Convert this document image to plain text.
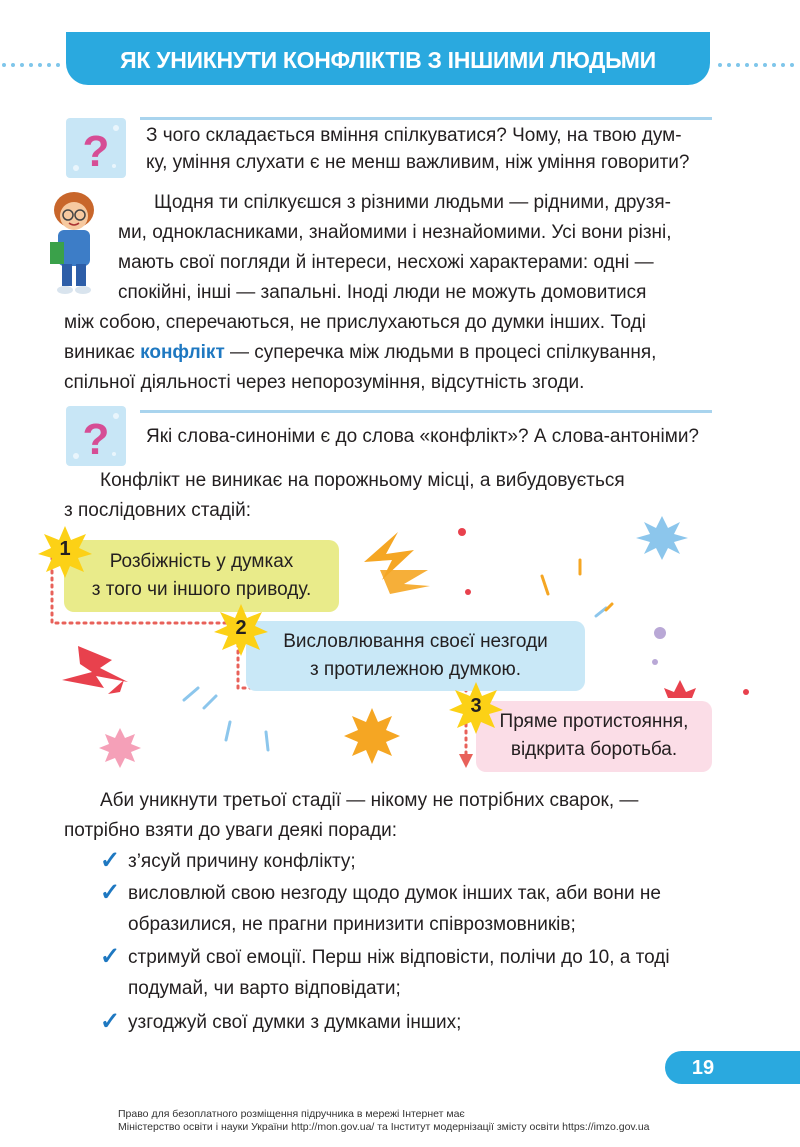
ЯК УНИКНУТИ КОНФЛІКТІВ З ІНШИМИ ЛЮДЬМИ
? З чого складається вміння спілкуватися? Чому, на твою дум-
ку, уміння слухати є не менш важливим, ніж уміння говорити?
Щодня ти спілкуєшся з різними людьми — рідними, друзя-
ми, однокласниками, знайомими і незнайомими. Усі вони різні,
мають свої погляди й інтереси, несхожі характерами: одні —
спокійні, інші — запальні. Іноді люди не можуть домовитися
між собою, сперечаються, не прислухаються до думки інших. Тоді
виникає конфлікт — суперечка між людьми в процесі спілкування,
спільної діяльності через непорозуміння, відсутність згоди.
? Які слова-синоніми є до слова «конфлікт»? А слова-антоніми?
Конфлікт не виникає на порожньому місці, а вибудовується
з послідовних стадій:
Розбіжність у думках
з того чи іншого приводу.
1
Висловлювання своєї незгоди
з протилежною думкою.
2
Пряме протистояння,
відкрита боротьба.
3
Аби уникнути третьої стадії — нікому не потрібних сварок, —
потрібно взяти до уваги деякі поради:
✓ з’ясуй причину конфлікту;
✓ висловлюй свою незгоду щодо думок інших так, аби вони не
образилися, не прагни принизити співрозмовників;
✓ стримуй свої емоції. Перш ніж відповісти, полічи до 10, а тоді
подумай, чи варто відповідати;
✓ узгоджуй свої думки з думками інших;
19
Право для безоплатного розміщення підручника в мережі Інтернет має
Міністерство освіти і науки України http://mon.gov.ua/ та Інститут модернізації змісту освіти https://imzo.gov.ua
